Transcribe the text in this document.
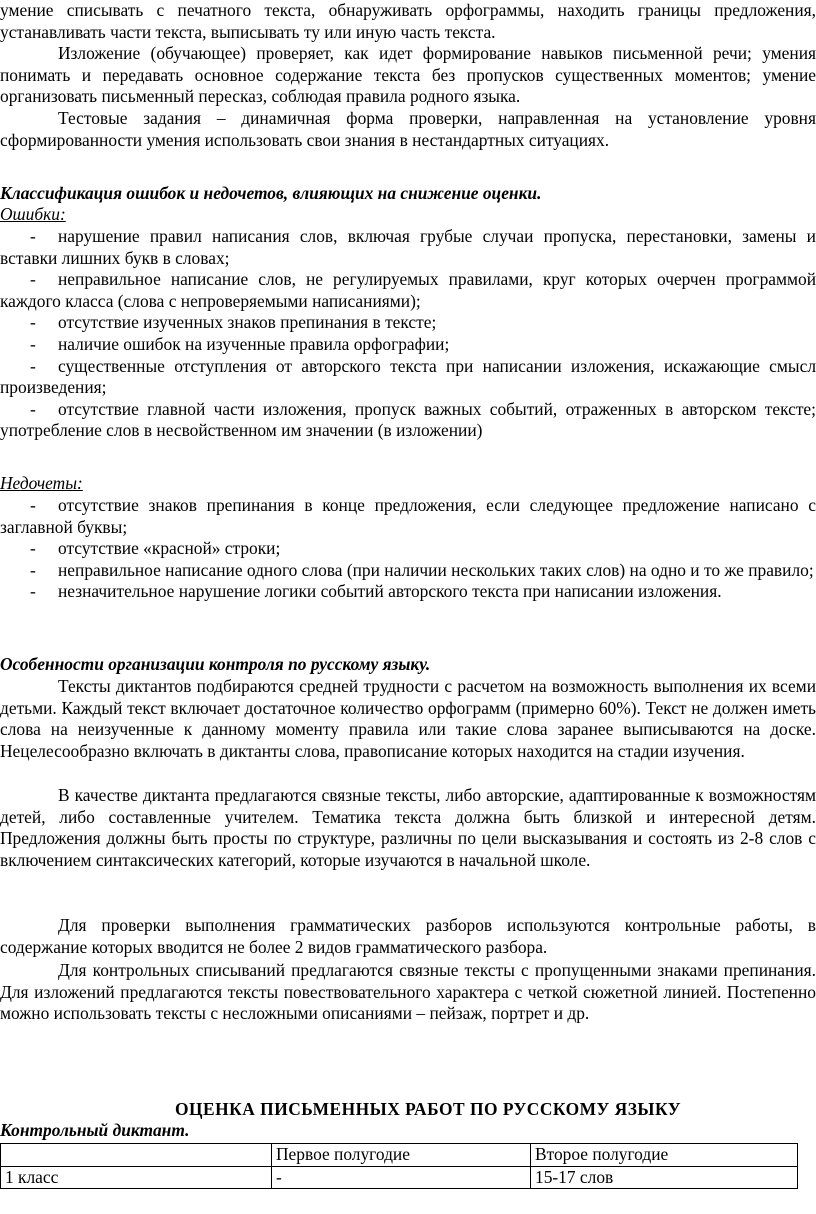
умение списывать с печатного текста, обнаруживать орфограммы, находить границы предложения, устанавливать части текста, выписывать ту или иную часть текста.

Изложение (обучающее) проверяет, как идет формирование навыков письменной речи; умения понимать и передавать основное содержание текста без пропусков существенных моментов; умение организовать письменный пересказ, соблюдая правила родного языка.

Тестовые задания – динамичная форма проверки, направленная на установление уровня сформированности умения использовать свои знания в нестандартных ситуациях.

Классификация ошибок и недочетов, влияющих на снижение оценки.

Ошибки:

-	нарушение правил написания слов, включая грубые случаи пропуска, перестановки, замены и вставки лишних букв в словах;
-	неправильное написание слов, не регулируемых правилами, круг которых очерчен программой каждого класса (слова с непроверяемыми написаниями);
-	отсутствие изученных знаков препинания в тексте;
-	наличие ошибок на изученные правила орфографии;
-	существенные отступления от авторского текста при написании изложения, искажающие смысл произведения;
-	отсутствие главной части изложения, пропуск важных событий, отраженных в авторском тексте; употребление слов в несвойственном им значении (в изложении)

Недочеты:

-	отсутствие знаков препинания в конце предложения, если следующее предложение написано с заглавной буквы;
-	отсутствие «красной» строки;
-	неправильное написание одного слова (при наличии нескольких таких слов) на одно и то же правило;
-	незначительное нарушение логики событий авторского текста при написании изложения.

Особенности организации контроля по русскому языку.

Тексты диктантов подбираются средней трудности с расчетом на возможность выполнения их всеми детьми. Каждый текст включает достаточное количество орфограмм (примерно 60%). Текст не должен иметь слова на неизученные к данному моменту правила или такие слова заранее выписываются на доске. Нецелесообразно включать в диктанты слова, правописание которых находится на стадии изучения.

В качестве диктанта предлагаются связные тексты, либо авторские, адаптированные к возможностям детей, либо составленные учителем. Тематика текста должна быть близкой и интересной детям. Предложения должны быть просты по структуре, различны по цели высказывания и состоять из 2-8 слов с включением синтаксических категорий, которые изучаются в начальной школе.

Для проверки выполнения грамматических разборов используются контрольные работы, в содержание которых вводится не более 2 видов грамматического разбора.

Для контрольных списываний предлагаются связные тексты с пропущенными знаками препинания. Для изложений предлагаются тексты повествовательного характера с четкой сюжетной линией. Постепенно можно использовать тексты с несложными описаниями – пейзаж, портрет и др.

ОЦЕНКА ПИСЬМЕННЫХ РАБОТ ПО РУССКОМУ ЯЗЫКУ

Контрольный диктант.

	Первое полугодие	Второе полугодие
1 класс	-	15-17 слов
